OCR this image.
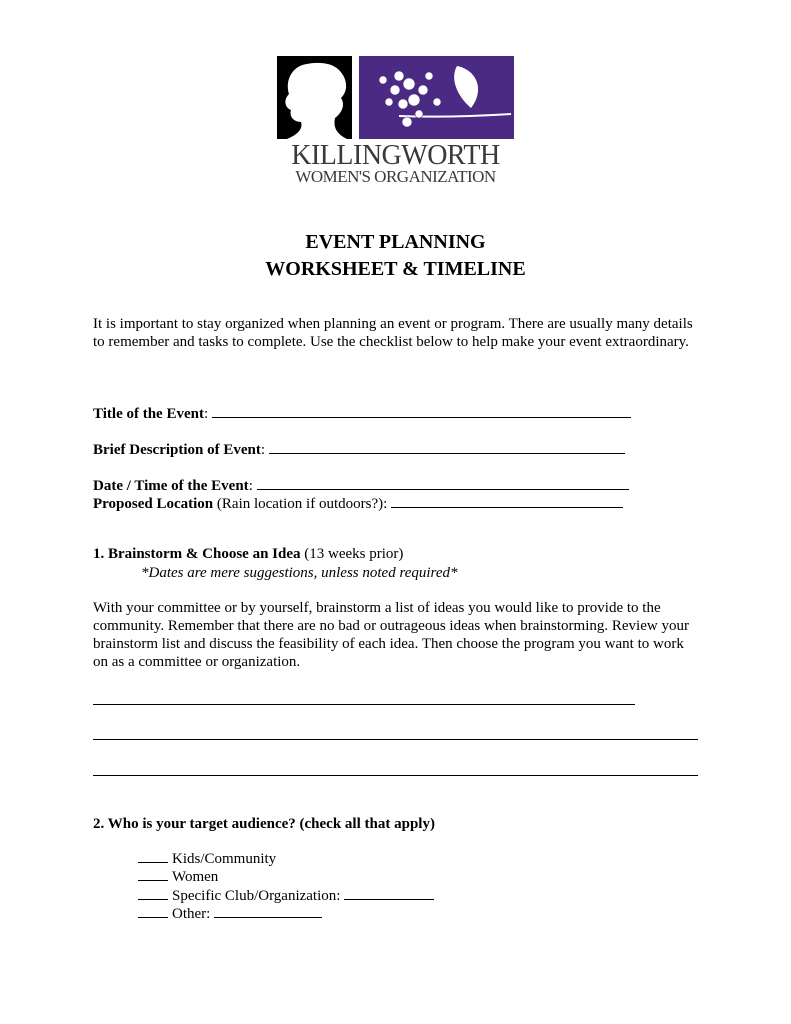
KILLINGWORTH
WOMEN'S ORGANIZATION
EVENT PLANNING
WORKSHEET & TIMELINE

It is important to stay organized when planning an event or program. There are usually many details to remember and tasks to complete. Use the checklist below to help make your event extraordinary.

Title of the Event:
Brief Description of Event:
Date / Time of the Event:
Proposed Location (Rain location if outdoors?):
1. Brainstorm & Choose an Idea (13 weeks prior)
*Dates are mere suggestions, unless noted required*

With your committee or by yourself, brainstorm a list of ideas you would like to provide to the community. Remember that there are no bad or outrageous ideas when brainstorming. Review your brainstorm list and discuss the feasibility of each idea. Then choose the program you want to work on as a committee or organization.

2. Who is your target audience? (check all that apply)
Kids/Community
Women
Specific Club/Organization:
Other:
